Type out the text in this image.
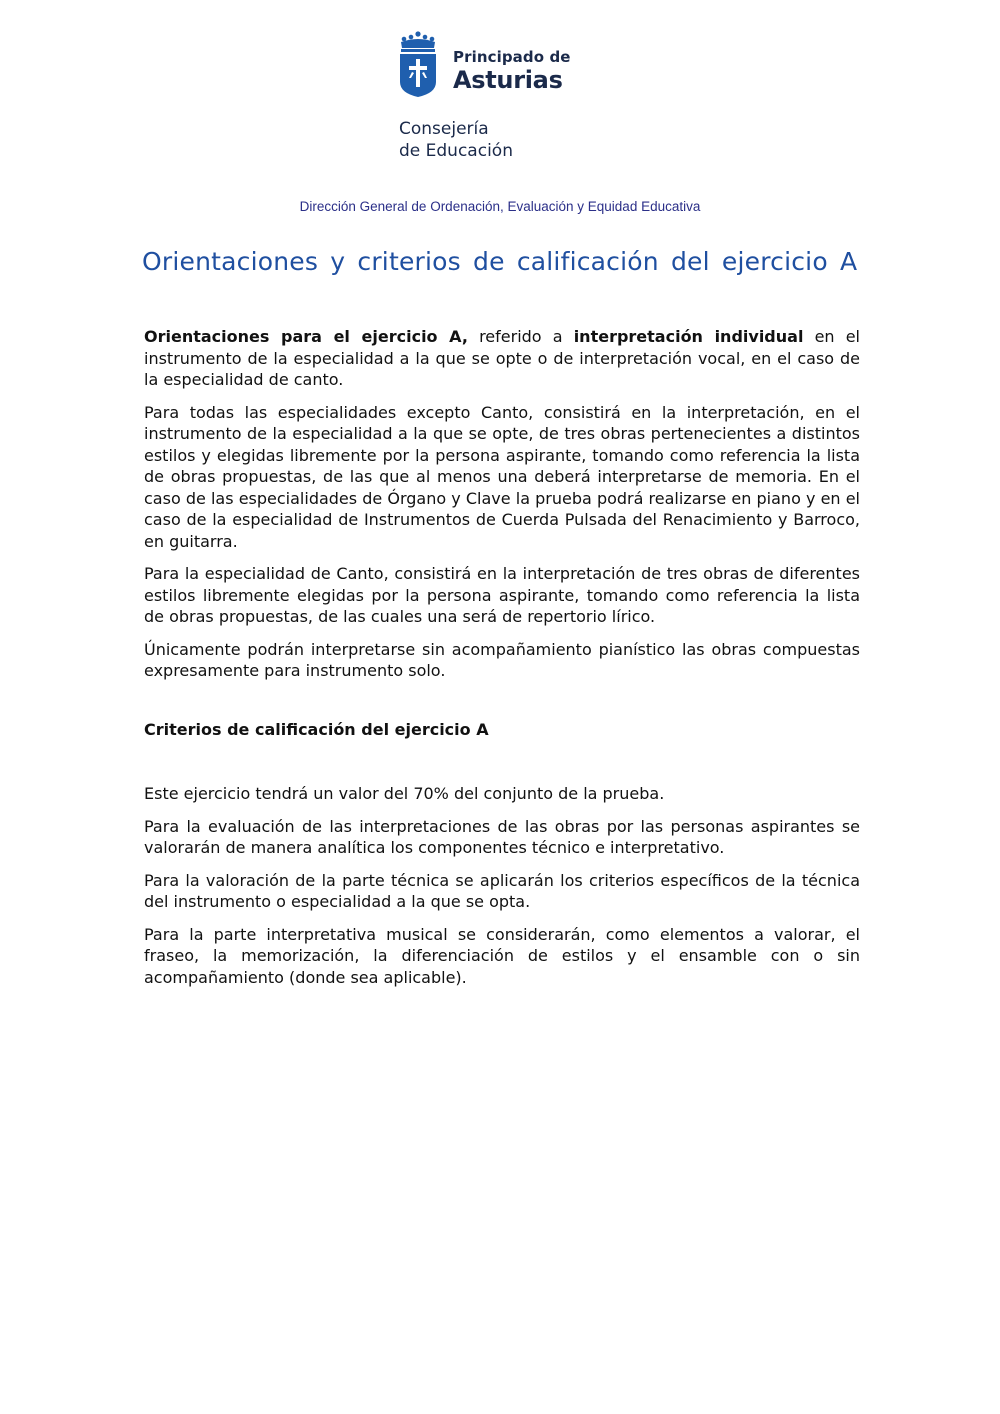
Principado de
Asturias
Consejería
de Educación
Dirección General de Ordenación, Evaluación y Equidad Educativa
Orientaciones y criterios de calificación del ejercicio A

Orientaciones para el ejercicio A, referido a interpretación individual en el instrumento de la especialidad a la que se opte o de interpretación vocal, en el caso de la especialidad de canto.

Para todas las especialidades excepto Canto, consistirá en la interpretación, en el instrumento de la especialidad a la que se opte, de tres obras pertenecientes a distintos estilos y elegidas libremente por la persona aspirante, tomando como referencia la lista de obras propuestas, de las que al menos una deberá interpretarse de memoria. En el caso de las especialidades de Órgano y Clave la prueba podrá realizarse en piano y en el caso de la especialidad de Instrumentos de Cuerda Pulsada del Renacimiento y Barroco, en guitarra.

Para la especialidad de Canto, consistirá en la interpretación de tres obras de diferentes estilos libremente elegidas por la persona aspirante, tomando como referencia la lista de obras propuestas, de las cuales una será de repertorio lírico.

Únicamente podrán interpretarse sin acompañamiento pianístico las obras compuestas expresamente para instrumento solo.

Criterios de calificación del ejercicio A

Este ejercicio tendrá un valor del 70% del conjunto de la prueba.

Para la evaluación de las interpretaciones de las obras por las personas aspirantes se valorarán de manera analítica los componentes técnico e interpretativo.

Para la valoración de la parte técnica se aplicarán los criterios específicos de la técnica del instrumento o especialidad a la que se opta.

Para la parte interpretativa musical se considerarán, como elementos a valorar, el fraseo, la memorización, la diferenciación de estilos y el ensamble con o sin acompañamiento (donde sea aplicable).
